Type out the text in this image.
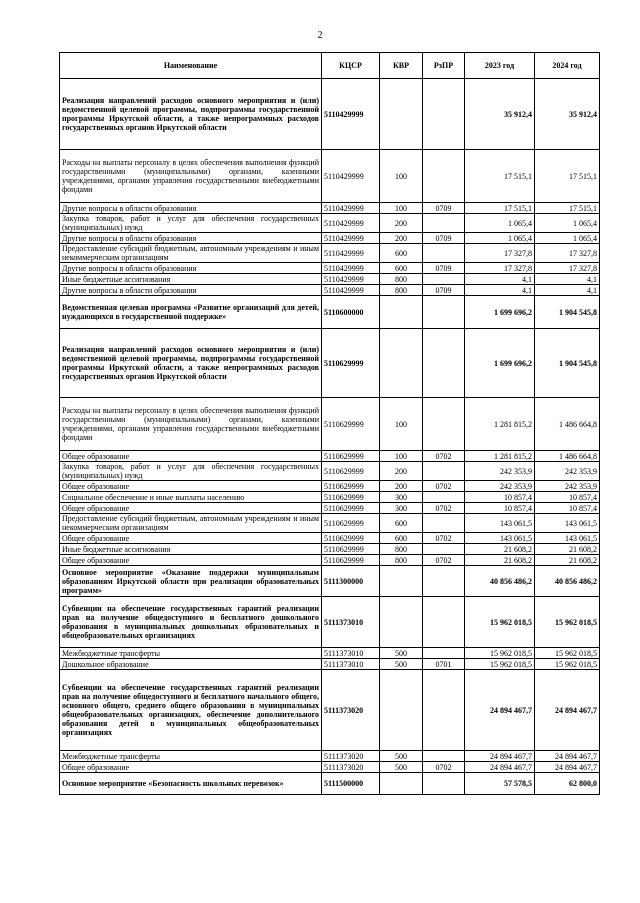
2
Наименование	КЦСР	КВР	РзПР	2023 год	2024 год
Реализация направлений расходов основного мероприятия и (или) ведомственной целевой программы, подпрограммы государственной программы Иркутской области, а также непрограммных расходов государственных органов Иркутской области	5110429999			35 912,4	35 912,4
Расходы на выплаты персоналу в целях обеспечения выполнения функций государственными (муниципальными) органами, казенными учреждениями, органами управления государственными внебюджетными фондами	5110429999	100		17 515,1	17 515,1
Другие вопросы в области образования	5110429999	100	0709	17 515,1	17 515,1
Закупка товаров, работ и услуг для обеспечения государственных (муниципальных) нужд	5110429999	200		1 065,4	1 065,4
Другие вопросы в области образования	5110429999	200	0709	1 065,4	1 065,4
Предоставление субсидий бюджетным, автономным учреждениям и иным некоммерческим организациям	5110429999	600		17 327,8	17 327,8
Другие вопросы в области образования	5110429999	600	0709	17 327,8	17 327,8
Иные бюджетные ассигнования	5110429999	800		4,1	4,1
Другие вопросы в области образования	5110429999	800	0709	4,1	4,1
Ведомственная целевая программа «Развитие организаций для детей, нуждающихся в государственной поддержке»	5110600000			1 699 696,2	1 904 545,8
Реализация направлений расходов основного мероприятия и (или) ведомственной целевой программы, подпрограммы государственной программы Иркутской области, а также непрограммных расходов государственных органов Иркутской области	5110629999			1 699 696,2	1 904 545,8
Расходы на выплаты персоналу в целях обеспечения выполнения функций государственными (муниципальными) органами, казенными учреждениями, органами управления государственными внебюджетными фондами	5110629999	100		1 281 815,2	1 486 664,8
Общее образование	5110629999	100	0702	1 281 815,2	1 486 664,8
Закупка товаров, работ и услуг для обеспечения государственных (муниципальных) нужд	5110629999	200		242 353,9	242 353,9
Общее образование	5110629999	200	0702	242 353,9	242 353,9
Социальное обеспечение и иные выплаты населению	5110629999	300		10 857,4	10 857,4
Общее образование	5110629999	300	0702	10 857,4	10 857,4
Предоставление субсидий бюджетным, автономным учреждениям и иным некоммерческим организациям	5110629999	600		143 061,5	143 061,5
Общее образование	5110629999	600	0702	143 061,5	143 061,5
Иные бюджетные ассигнования	5110629999	800		21 608,2	21 608,2
Общее образование	5110629999	800	0702	21 608,2	21 608,2
Основное мероприятие «Оказание поддержки муниципальным образованиям Иркутской области при реализации образовательных программ»	5111300000			40 856 486,2	40 856 486,2
Субвенции на обеспечение государственных гарантий реализации прав на получение общедоступного и бесплатного дошкольного образования в муниципальных дошкольных образовательных и общеобразовательных организациях	5111373010			15 962 018,5	15 962 018,5
Межбюджетные трансферты	5111373010	500		15 962 018,5	15 962 018,5
Дошкольное образование	5111373010	500	0701	15 962 018,5	15 962 018,5
Субвенции на обеспечение государственных гарантий реализации прав на получение общедоступного и бесплатного начального общего, основного общего, среднего общего образования в муниципальных общеобразовательных организациях, обеспечение дополнительного образования детей в муниципальных общеобразовательных организациях	5111373020			24 894 467,7	24 894 467,7
Межбюджетные трансферты	5111373020	500		24 894 467,7	24 894 467,7
Общее образование	5111373020	500	0702	24 894 467,7	24 894 467,7
Основное мероприятие «Безопасность школьных перевозок»	5111500000			57 578,5	62 800,0
